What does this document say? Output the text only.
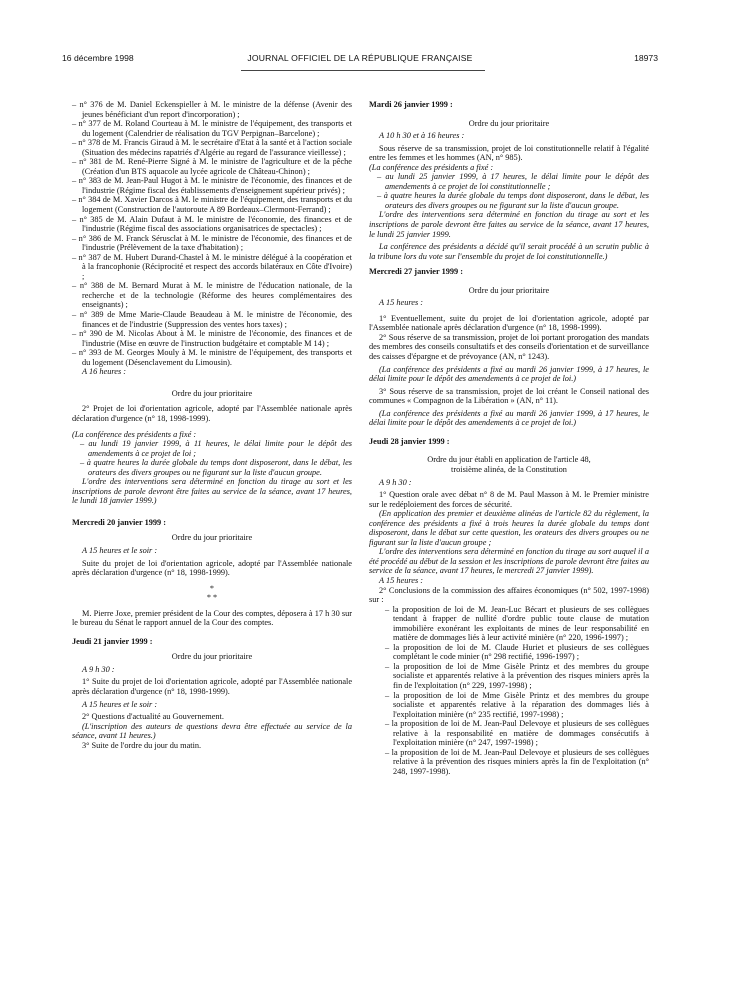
16 décembre 1998	JOURNAL OFFICIEL DE LA RÉPUBLIQUE FRANÇAISE	18973

– n° 376 de M. Daniel Eckenspieller à M. le ministre de la défense (Avenir des jeunes bénéficiant d'un report d'incorporation) ;

– n° 377 de M. Roland Courteau à M. le ministre de l'équipement, des transports et du logement (Calendrier de réalisation du TGV Perpignan–Barcelone) ;

– n° 378 de M. Francis Giraud à M. le secrétaire d'Etat à la santé et à l'action sociale (Situation des médecins rapatriés d'Algérie au regard de l'assurance vieillesse) ;

– n° 381 de M. René-Pierre Signé à M. le ministre de l'agriculture et de la pêche (Création d'un BTS aquacole au lycée agricole de Château-Chinon) ;

– n° 383 de M. Jean-Paul Hugot à M. le ministre de l'économie, des finances et de l'industrie (Régime fiscal des établissements d'enseignement supérieur privés) ;

– n° 384 de M. Xavier Darcos à M. le ministre de l'équipement, des transports et du logement (Construction de l'autoroute A 89 Bordeaux–Clermont-Ferrand) ;

– n° 385 de M. Alain Dufaut à M. le ministre de l'économie, des finances et de l'industrie (Régime fiscal des associations organisatrices de spectacles) ;

– n° 386 de M. Franck Sérusclat à M. le ministre de l'économie, des finances et de l'industrie (Prélèvement de la taxe d'habitation) ;

– n° 387 de M. Hubert Durand-Chastel à M. le ministre délégué à la coopération et à la francophonie (Réciprocité et respect des accords bilatéraux en Côte d'Ivoire) ;

– n° 388 de M. Bernard Murat à M. le ministre de l'éducation nationale, de la recherche et de la technologie (Réforme des heures complémentaires des enseignants) ;

– n° 389 de Mme Marie-Claude Beaudeau à M. le ministre de l'économie, des finances et de l'industrie (Suppression des ventes hors taxes) ;

– n° 390 de M. Nicolas About à M. le ministre de l'économie, des finances et de l'industrie (Mise en œuvre de l'instruction budgétaire et comptable M 14) ;

– n° 393 de M. Georges Mouly à M. le ministre de l'équipement, des transports et du logement (Désenclavement du Limousin).

A 16 heures :

Ordre du jour prioritaire

2° Projet de loi d'orientation agricole, adopté par l'Assemblée nationale après déclaration d'urgence (n° 18, 1998-1999).

(La conférence des présidents a fixé :

– au lundi 19 janvier 1999, à 11 heures, le délai limite pour le dépôt des amendements à ce projet de loi ;

– à quatre heures la durée globale du temps dont disposeront, dans le débat, les orateurs des divers groupes ou ne figurant sur la liste d'aucun groupe.

L'ordre des interventions sera déterminé en fonction du tirage au sort et les inscriptions de parole devront être faites au service de la séance, avant 17 heures, le lundi 18 janvier 1999.)

Mercredi 20 janvier 1999 :

Ordre du jour prioritaire

A 15 heures et le soir :

Suite du projet de loi d'orientation agricole, adopté par l'Assemblée nationale après déclaration d'urgence (n° 18, 1998-1999).

*

* *

M. Pierre Joxe, premier président de la Cour des comptes, déposera à 17 h 30 sur le bureau du Sénat le rapport annuel de la Cour des comptes.

Jeudi 21 janvier 1999 :

Ordre du jour prioritaire

A 9 h 30 :

1° Suite du projet de loi d'orientation agricole, adopté par l'Assemblée nationale après déclaration d'urgence (n° 18, 1998-1999).

A 15 heures et le soir :

2° Questions d'actualité au Gouvernement.

(L'inscription des auteurs de questions devra être effectuée au service de la séance, avant 11 heures.)

3° Suite de l'ordre du jour du matin.

Mardi 26 janvier 1999 :

Ordre du jour prioritaire

A 10 h 30 et à 16 heures :

Sous réserve de sa transmission, projet de loi constitutionnelle relatif à l'égalité entre les femmes et les hommes (AN, n° 985).

(La conférence des présidents a fixé :

– au lundi 25 janvier 1999, à 17 heures, le délai limite pour le dépôt des amendements à ce projet de loi constitutionnelle ;

– à quatre heures la durée globale du temps dont disposeront, dans le débat, les orateurs des divers groupes ou ne figurant sur la liste d'aucun groupe.

L'ordre des interventions sera déterminé en fonction du tirage au sort et les inscriptions de parole devront être faites au service de la séance, avant 17 heures, le lundi 25 janvier 1999.

La conférence des présidents a décidé qu'il serait procédé à un scrutin public à la tribune lors du vote sur l'ensemble du projet de loi constitutionnelle.)

Mercredi 27 janvier 1999 :

Ordre du jour prioritaire

A 15 heures :

1° Eventuellement, suite du projet de loi d'orientation agricole, adopté par l'Assemblée nationale après déclaration d'urgence (n° 18, 1998-1999).

2° Sous réserve de sa transmission, projet de loi portant prorogation des mandats des membres des conseils consultatifs et des conseils d'orientation et de surveillance des caisses d'épargne et de prévoyance (AN, n° 1243).

(La conférence des présidents a fixé au mardi 26 janvier 1999, à 17 heures, le délai limite pour le dépôt des amendements à ce projet de loi.)

3° Sous réserve de sa transmission, projet de loi créant le Conseil national des communes « Compagnon de la Libération » (AN, n° 11).

(La conférence des présidents a fixé au mardi 26 janvier 1999, à 17 heures, le délai limite pour le dépôt des amendements à ce projet de loi.)

Jeudi 28 janvier 1999 :

Ordre du jour établi en application de l'article 48,

troisième alinéa, de la Constitution

A 9 h 30 :

1° Question orale avec débat n° 8 de M. Paul Masson à M. le Premier ministre sur le redéploiement des forces de sécurité.

(En application des premier et deuxième alinéas de l'article 82 du règlement, la conférence des présidents a fixé à trois heures la durée globale du temps dont disposeront, dans le débat sur cette question, les orateurs des divers groupes ou ne figurant sur la liste d'aucun groupe ;

L'ordre des interventions sera déterminé en fonction du tirage au sort auquel il a été procédé au début de la session et les inscriptions de parole devront être faites au service de la séance, avant 17 heures, le mercredi 27 janvier 1999).

A 15 heures :

2° Conclusions de la commission des affaires économiques (n° 502, 1997-1998) sur :

– la proposition de loi de M. Jean-Luc Bécart et plusieurs de ses collègues tendant à frapper de nullité d'ordre public toute clause de mutation immobilière exonérant les exploitants de mines de leur responsabilité en matière de dommages liés à leur activité minière (n° 220, 1996-1997) ;

– la proposition de loi de M. Claude Huriet et plusieurs de ses collègues complétant le code minier (n° 298 rectifié, 1996-1997) ;

– la proposition de loi de Mme Gisèle Printz et des membres du groupe socialiste et apparentés relative à la prévention des risques miniers après la fin de l'exploitation (n° 229, 1997-1998) ;

– la proposition de loi de Mme Gisèle Printz et des membres du groupe socialiste et apparentés relative à la réparation des dommages liés à l'exploitation minière (n° 235 rectifié, 1997-1998) ;

– la proposition de loi de M. Jean-Paul Delevoye et plusieurs de ses collègues relative à la responsabilité en matière de dommages consécutifs à l'exploitation minière (n° 247, 1997-1998) ;

– la proposition de loi de M. Jean-Paul Delevoye et plusieurs de ses collègues relative à la prévention des risques miniers après la fin de l'exploitation (n° 248, 1997-1998).
